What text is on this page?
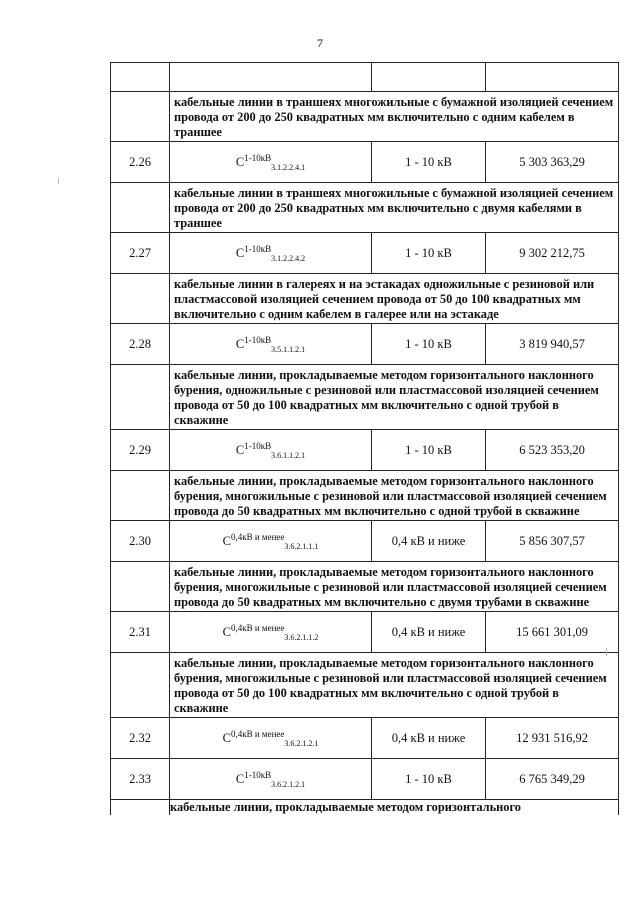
7

	кабельные линии в траншеях многожильные с бумажной изоляцией сечением провода от 200 до 250 квадратных мм включительно с одним кабелем в траншее		
2.26	$C^{1-10кВ}_{3.1.2.2.4.1}$	1 - 10 кВ	5 303 363,29
	кабельные линии в траншеях многожильные с бумажной изоляцией сечением провода от 200 до 250 квадратных мм включительно с двумя кабелями в траншее		
2.27	$C^{1-10кВ}_{3.1.2.2.4.2}$	1 - 10 кВ	9 302 212,75
	кабельные линии в галереях и на эстакадах одножильные с резиновой или пластмассовой изоляцией сечением провода от 50 до 100 квадратных мм включительно с одним кабелем в галерее или на эстакаде		
2.28	$C^{1-10кВ}_{3.5.1.1.2.1}$	1 - 10 кВ	3 819 940,57
	кабельные линии, прокладываемые методом горизонтального наклонного бурения, одножильные с резиновой или пластмассовой изоляцией сечением провода от 50 до 100 квадратных мм включительно с одной трубой в скважине		
2.29	$C^{1-10кВ}_{3.6.1.1.2.1}$	1 - 10 кВ	6 523 353,20
	кабельные линии, прокладываемые методом горизонтального наклонного бурения, многожильные с резиновой или пластмассовой изоляцией сечением провода до 50 квадратных мм включительно с одной трубой в скважине		
2.30	$C^{0,4кВ и менее}_{3.6.2.1.1.1}$	0,4 кВ и ниже	5 856 307,57
	кабельные линии, прокладываемые методом горизонтального наклонного бурения, многожильные с резиновой или пластмассовой изоляцией сечением провода до 50 квадратных мм включительно с двумя трубами в скважине		
2.31	$C^{0,4кВ и менее}_{3.6.2.1.1.2}$	0,4 кВ и ниже	15 661 301,09
	кабельные линии, прокладываемые методом горизонтального наклонного бурения, многожильные с резиновой или пластмассовой изоляцией сечением провода от 50 до 100 квадратных мм включительно с одной трубой в скважине		
2.32	$C^{0,4кВ и менее}_{3.6.2.1.2.1}$	0,4 кВ и ниже	12 931 516,92
2.33	$C^{1-10кВ}_{3.6.2.1.2.1}$	1 - 10 кВ	6 765 349,29
	кабельные линии, прокладываемые методом горизонтального		
